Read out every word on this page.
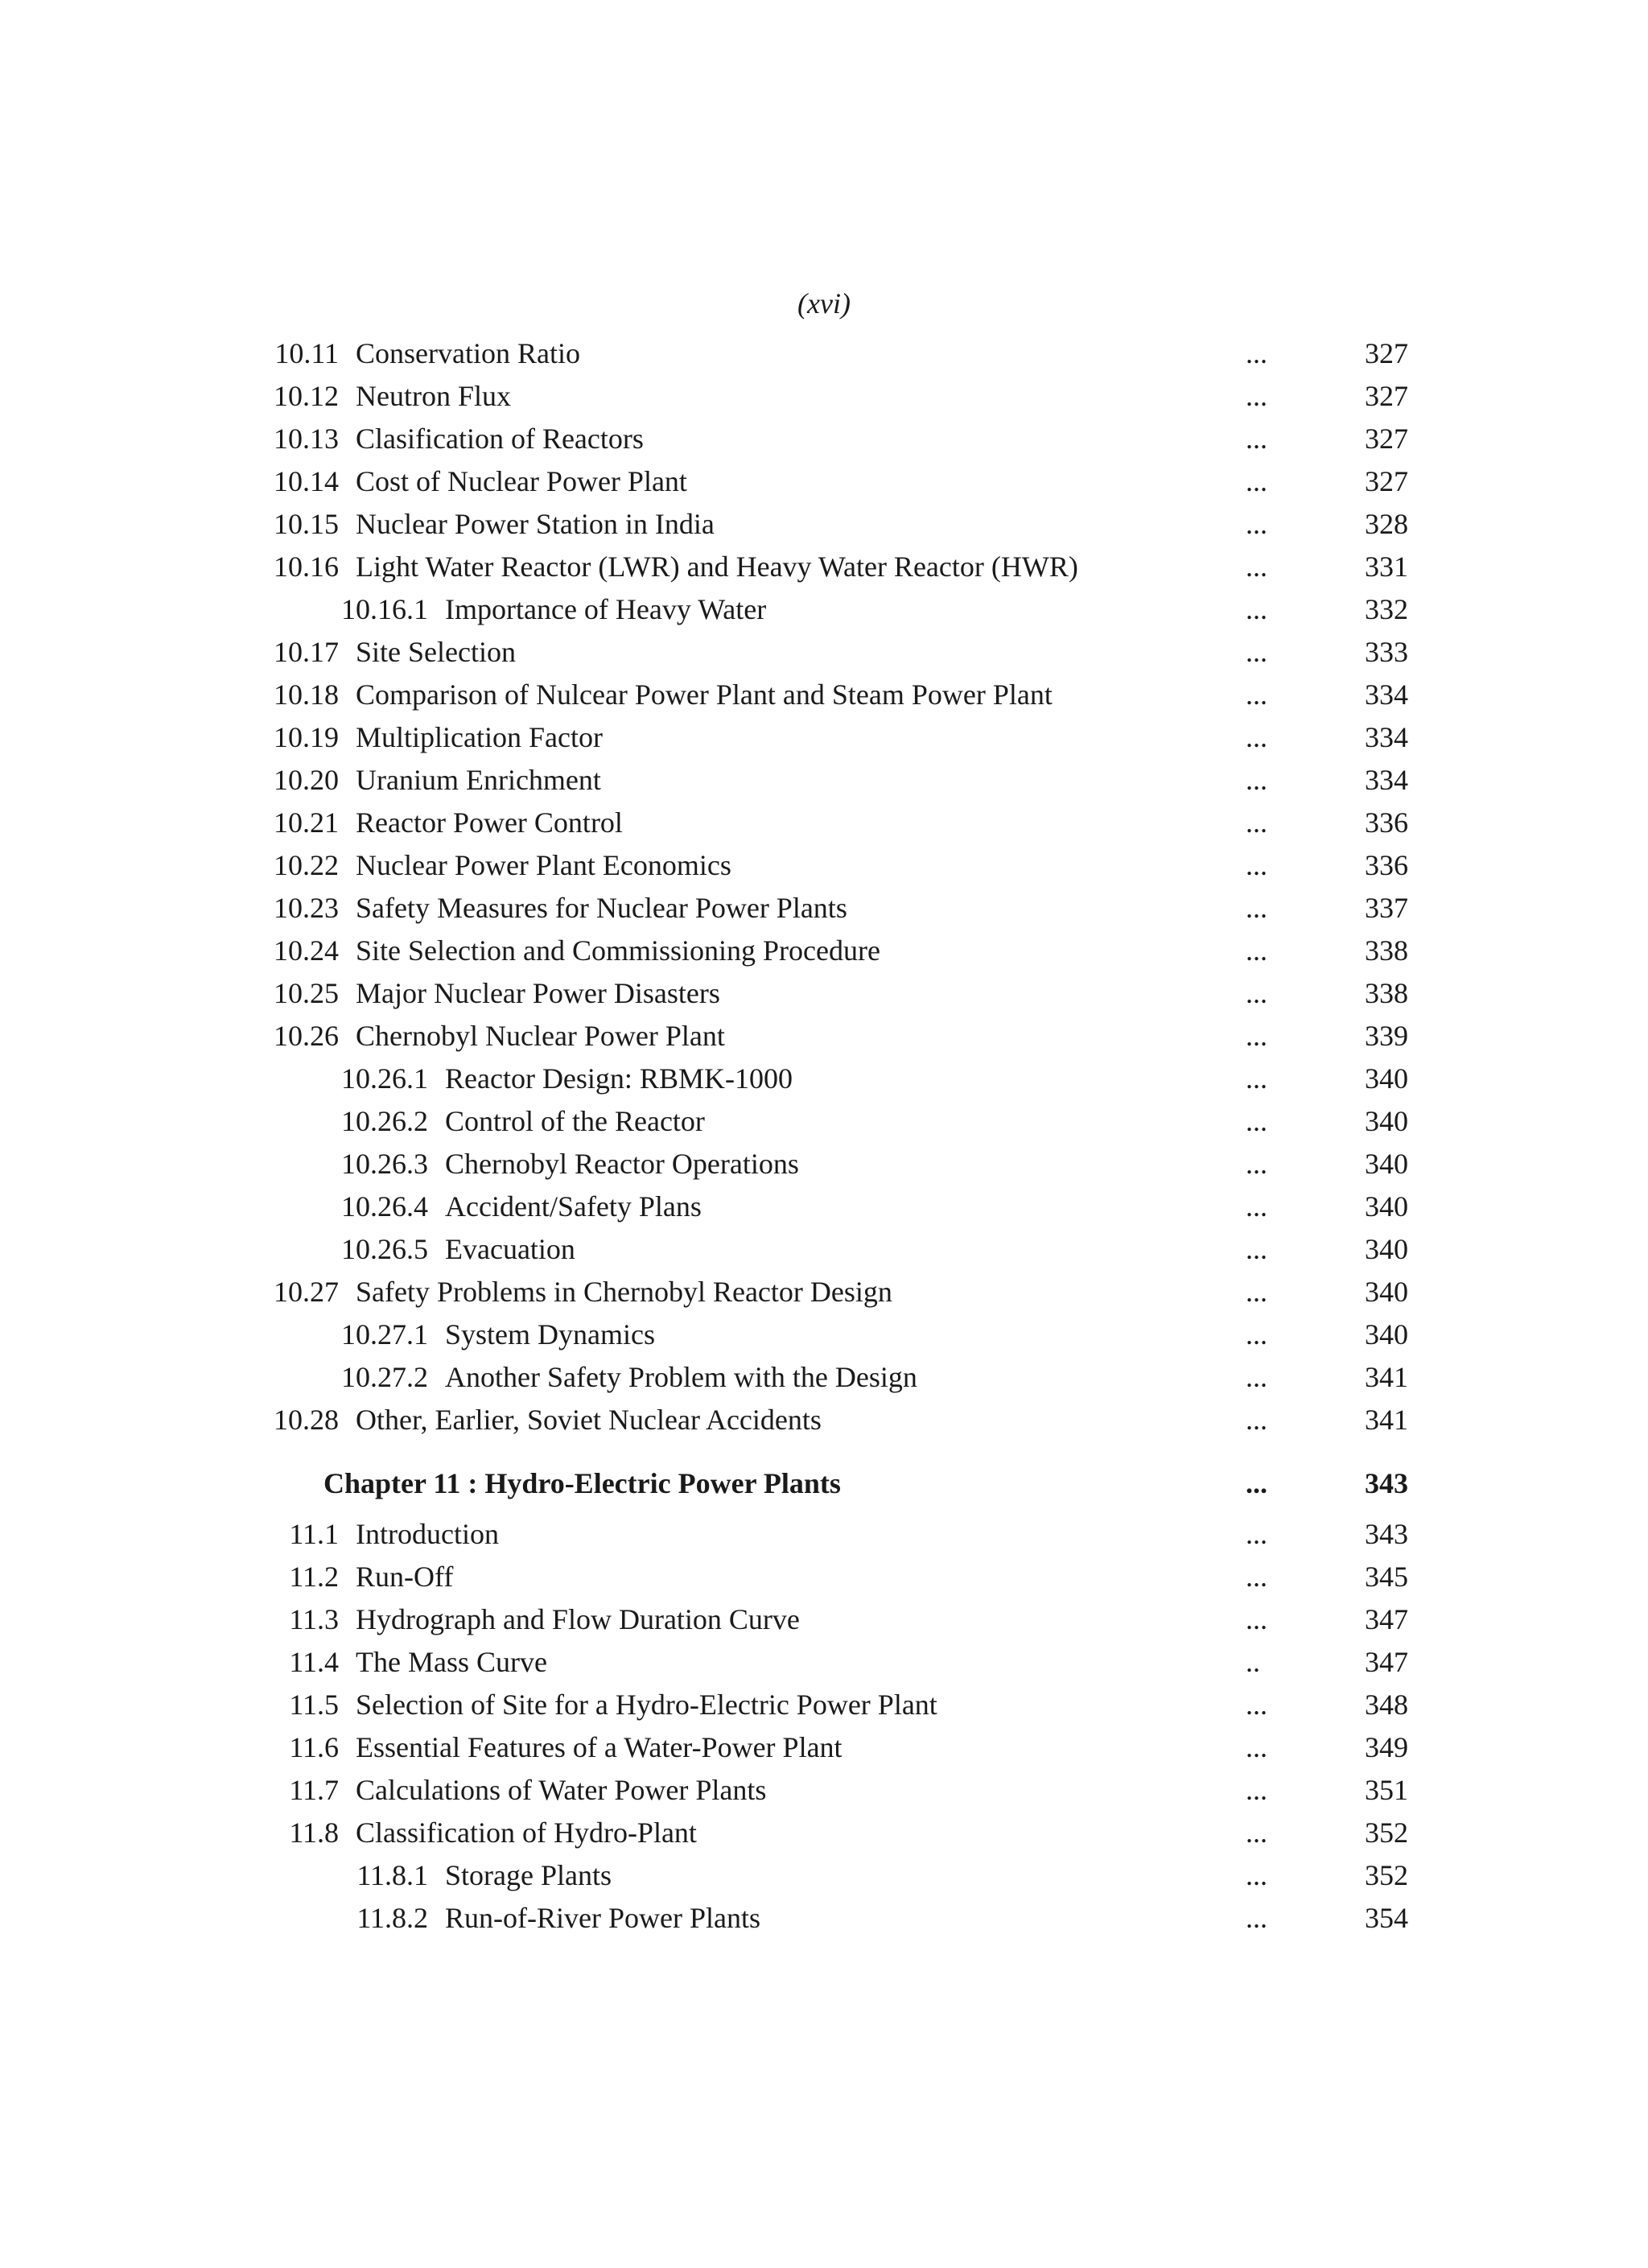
(xvi)
10.11 Conservation Ratio	...	327
10.12 Neutron Flux	...	327
10.13 Clasification of Reactors	...	327
10.14 Cost of Nuclear Power Plant	...	327
10.15 Nuclear Power Station in India	...	328
10.16 Light Water Reactor (LWR) and Heavy Water Reactor (HWR)	...	331
10.16.1 Importance of Heavy Water	...	332
10.17 Site Selection	...	333
10.18 Comparison of Nulcear Power Plant and Steam Power Plant	...	334
10.19 Multiplication Factor	...	334
10.20 Uranium Enrichment	...	334
10.21 Reactor Power Control	...	336
10.22 Nuclear Power Plant Economics	...	336
10.23 Safety Measures for Nuclear Power Plants	...	337
10.24 Site Selection and Commissioning Procedure	...	338
10.25 Major Nuclear Power Disasters	...	338
10.26 Chernobyl Nuclear Power Plant	...	339
10.26.1 Reactor Design: RBMK-1000	...	340
10.26.2 Control of the Reactor	...	340
10.26.3 Chernobyl Reactor Operations	...	340
10.26.4 Accident/Safety Plans	...	340
10.26.5 Evacuation	...	340
10.27 Safety Problems in Chernobyl Reactor Design	...	340
10.27.1 System Dynamics	...	340
10.27.2 Another Safety Problem with the Design	...	341
10.28 Other, Earlier, Soviet Nuclear Accidents	...	341
Chapter 11 : Hydro-Electric Power Plants	...	343
11.1 Introduction	...	343
11.2 Run-Off	...	345
11.3 Hydrograph and Flow Duration Curve	...	347
11.4 The Mass Curve	..	347
11.5 Selection of Site for a Hydro-Electric Power Plant	...	348
11.6 Essential Features of a Water-Power Plant	...	349
11.7 Calculations of Water Power Plants	...	351
11.8 Classification of Hydro-Plant	...	352
11.8.1 Storage Plants	...	352
11.8.2 Run-of-River Power Plants	...	354
